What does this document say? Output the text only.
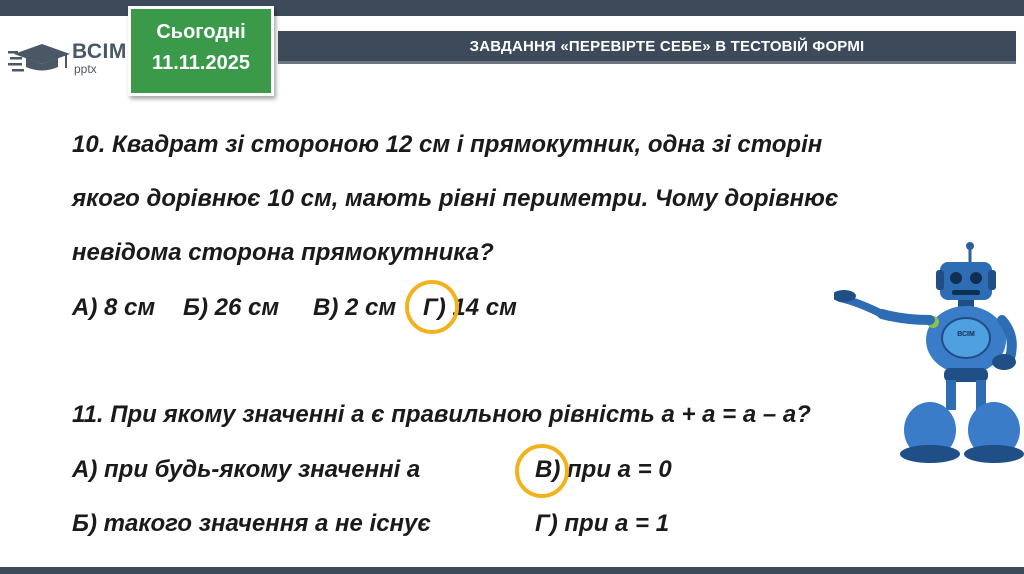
ВСІМ
pptx
Сьогодні
11.11.2025
ЗАВДАННЯ «ПЕРЕВІРТЕ СЕБЕ» В ТЕСТОВІЙ ФОРМІ
10. Квадрат зі стороною 12 см і прямокутник, одна зі сторін
якого дорівнює 10 см, мають рівні периметри. Чому дорівнює
невідома сторона прямокутника?
А) 8 см Б) 26 см В) 2 см Г) 14 см
11. При якому значенні а є правильною рівність а + а = а – а?
А) при будь-якому значенні а	В) при а = 0
Б) такого значення а не існує	Г) при а = 1
ВСІМ
